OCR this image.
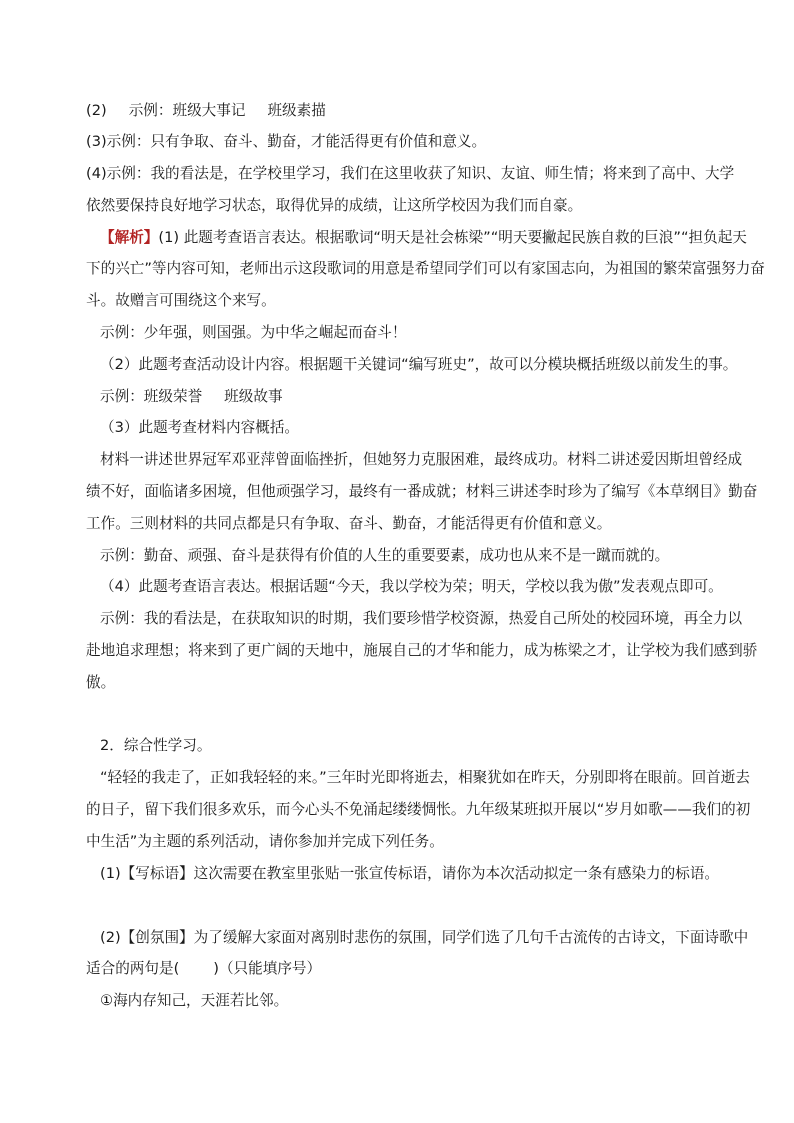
(2) 示例：班级大事记 班级素描
(3)示例：只有争取、奋斗、勤奋，才能活得更有价值和意义。
(4)示例：我的看法是，在学校里学习，我们在这里收获了知识、友谊、师生情；将来到了高中、大学
依然要保持良好地学习状态，取得优异的成绩，让这所学校因为我们而自豪。
【解析】(1) 此题考查语言表达。根据歌词“明天是社会栋梁”“明天要撇起民族自救的巨浪”“担负起天
下的兴亡”等内容可知，老师出示这段歌词的用意是希望同学们可以有家国志向，为祖国的繁荣富强努力奋
斗。故赠言可围绕这个来写。
示例：少年强，则国强。为中华之崛起而奋斗！
（2）此题考查活动设计内容。根据题干关键词“编写班史”，故可以分模块概括班级以前发生的事。
示例：班级荣誉 班级故事
（3）此题考查材料内容概括。
材料一讲述世界冠军邓亚萍曾面临挫折，但她努力克服困难，最终成功。材料二讲述爱因斯坦曾经成
绩不好，面临诸多困境，但他顽强学习，最终有一番成就；材料三讲述李时珍为了编写《本草纲目》勤奋
工作。三则材料的共同点都是只有争取、奋斗、勤奋，才能活得更有价值和意义。
示例：勤奋、顽强、奋斗是获得有价值的人生的重要要素，成功也从来不是一蹴而就的。
（4）此题考查语言表达。根据话题“今天，我以学校为荣；明天，学校以我为傲”发表观点即可。
示例：我的看法是，在获取知识的时期，我们要珍惜学校资源，热爱自己所处的校园环境，再全力以
赴地追求理想；将来到了更广阔的天地中，施展自己的才华和能力，成为栋梁之才，让学校为我们感到骄
傲。
2．综合性学习。
“轻轻的我走了，正如我轻轻的来。”三年时光即将逝去，相聚犹如在昨天，分别即将在眼前。回首逝去
的日子，留下我们很多欢乐，而今心头不免涌起缕缕惆怅。九年级某班拟开展以“岁月如歌——我们的初
中生活”为主题的系列活动，请你参加并完成下列任务。
(1)【写标语】这次需要在教室里张贴一张宣传标语，请你为本次活动拟定一条有感染力的标语。
(2)【创氛围】为了缓解大家面对离别时悲伤的氛围，同学们选了几句千古流传的古诗文，下面诗歌中
适合的两句是( )（只能填序号）
①海内存知己，天涯若比邻。
